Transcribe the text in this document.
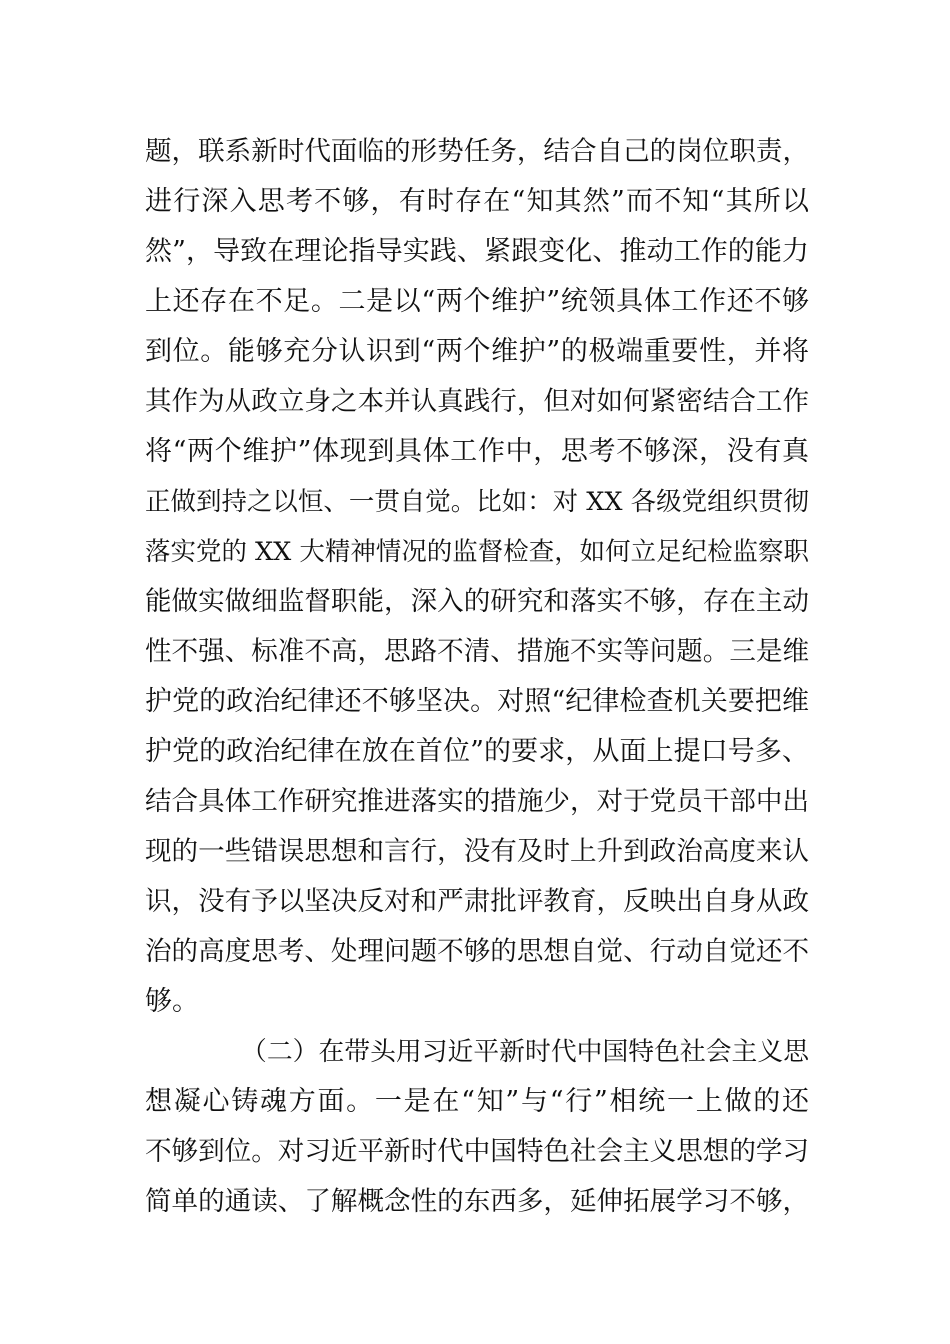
题，联系新时代面临的形势任务，结合自己的岗位职责，
进行深入思考不够，有时存在“知其然”而不知“其所以
然”，导致在理论指导实践、紧跟变化、推动工作的能力
上还存在不足。二是以“两个维护”统领具体工作还不够
到位。能够充分认识到“两个维护”的极端重要性，并将
其作为从政立身之本并认真践行，但对如何紧密结合工作
将“两个维护”体现到具体工作中，思考不够深，没有真
正做到持之以恒、一贯自觉。比如：对 XX 各级党组织贯彻
落实党的 XX 大精神情况的监督检查，如何立足纪检监察职
能做实做细监督职能，深入的研究和落实不够，存在主动
性不强、标准不高，思路不清、措施不实等问题。三是维
护党的政治纪律还不够坚决。对照“纪律检查机关要把维
护党的政治纪律在放在首位”的要求，从面上提口号多、
结合具体工作研究推进落实的措施少，对于党员干部中出
现的一些错误思想和言行，没有及时上升到政治高度来认
识，没有予以坚决反对和严肃批评教育，反映出自身从政
治的高度思考、处理问题不够的思想自觉、行动自觉还不
够。
（二）在带头用习近平新时代中国特色社会主义思
想凝心铸魂方面。一是在“知”与“行”相统一上做的还
不够到位。对习近平新时代中国特色社会主义思想的学习
简单的通读、了解概念性的东西多，延伸拓展学习不够，
